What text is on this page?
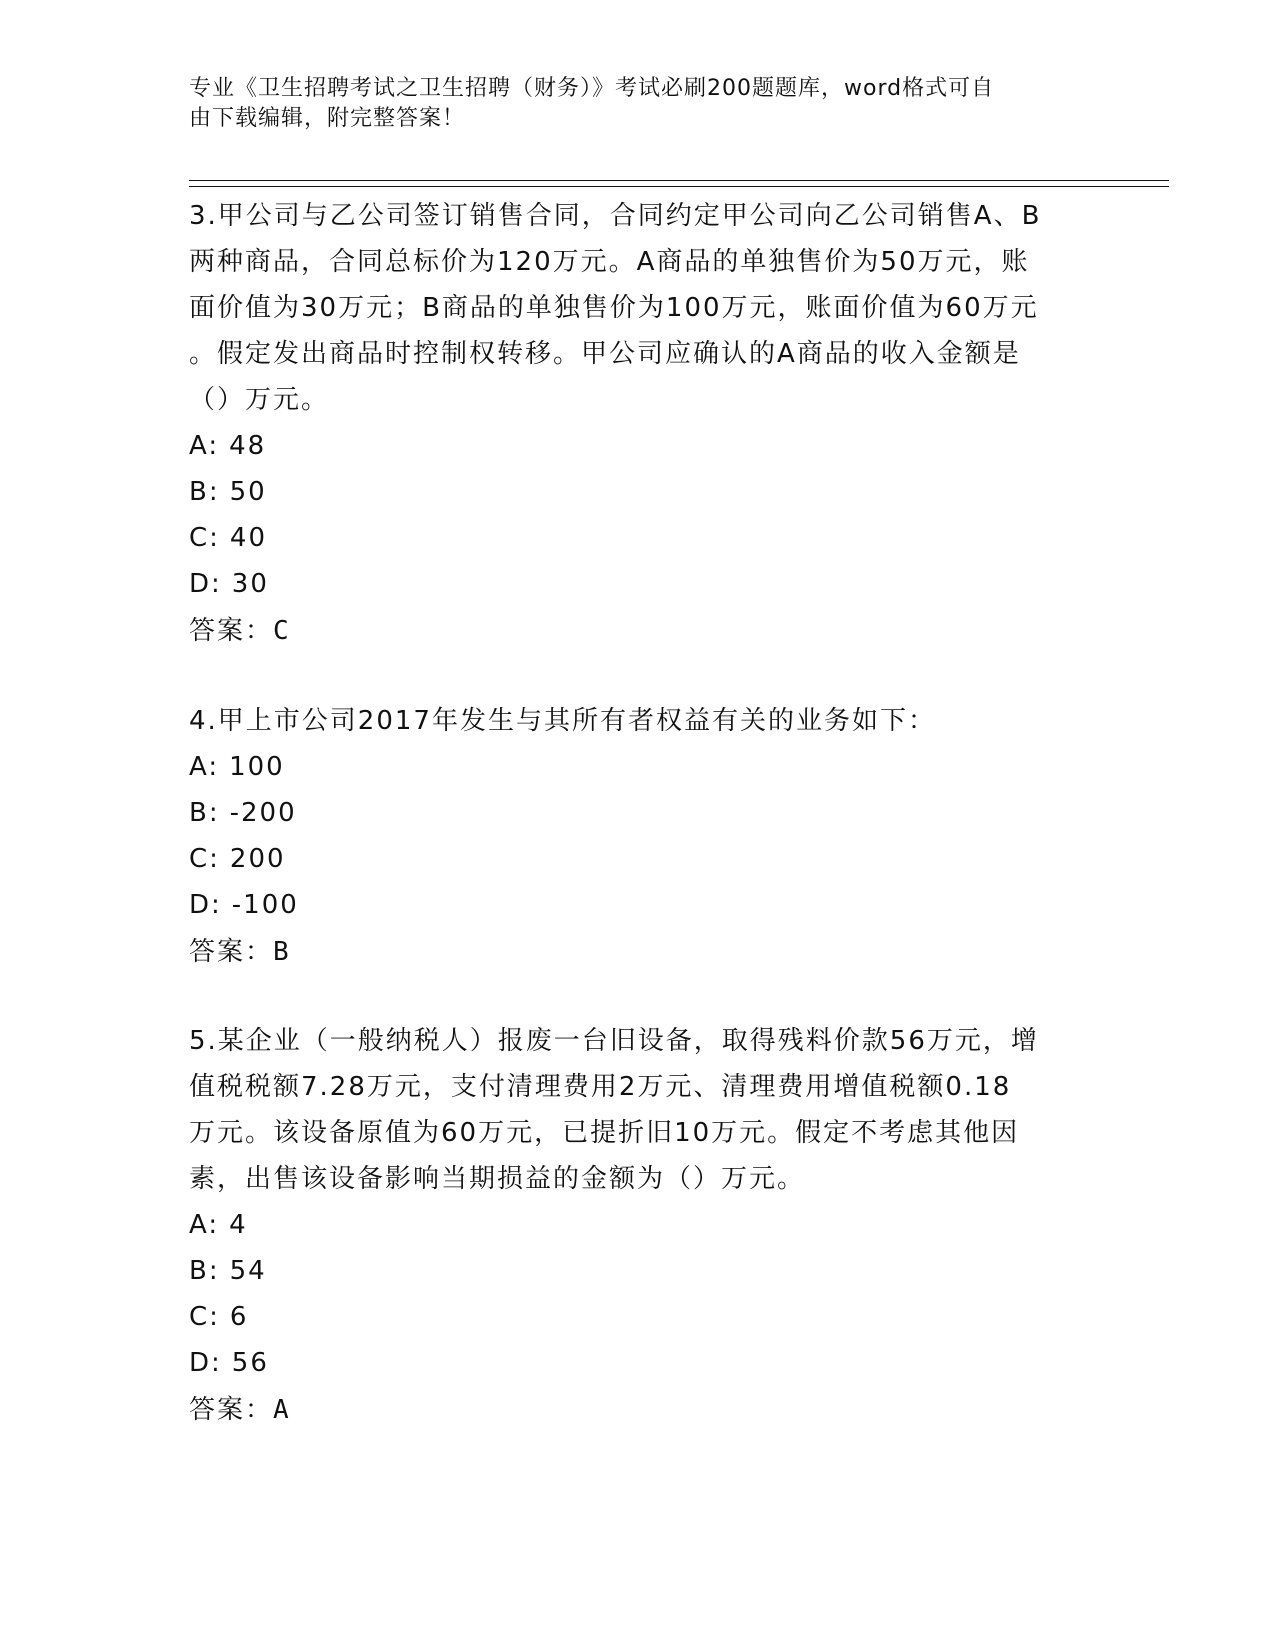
专业《卫生招聘考试之卫生招聘（财务）》考试必刷200题题库，word格式可自
由下载编辑，附完整答案！

3.甲公司与乙公司签订销售合同，合同约定甲公司向乙公司销售A、B

两种商品，合同总标价为120万元。A商品的单独售价为50万元，账

面价值为30万元；B商品的单独售价为100万元，账面价值为60万元

。假定发出商品时控制权转移。甲公司应确认的A商品的收入金额是

（）万元。

A: 48

B: 50

C: 40

D: 30

答案：C

4.甲上市公司2017年发生与其所有者权益有关的业务如下：

A: 100

B: -200

C: 200

D: -100

答案：B

5.某企业（一般纳税人）报废一台旧设备，取得残料价款56万元，增

值税税额7.28万元，支付清理费用2万元、清理费用增值税额0.18

万元。该设备原值为60万元，已提折旧10万元。假定不考虑其他因

素，出售该设备影响当期损益的金额为（）万元。

A: 4

B: 54

C: 6

D: 56

答案：A
